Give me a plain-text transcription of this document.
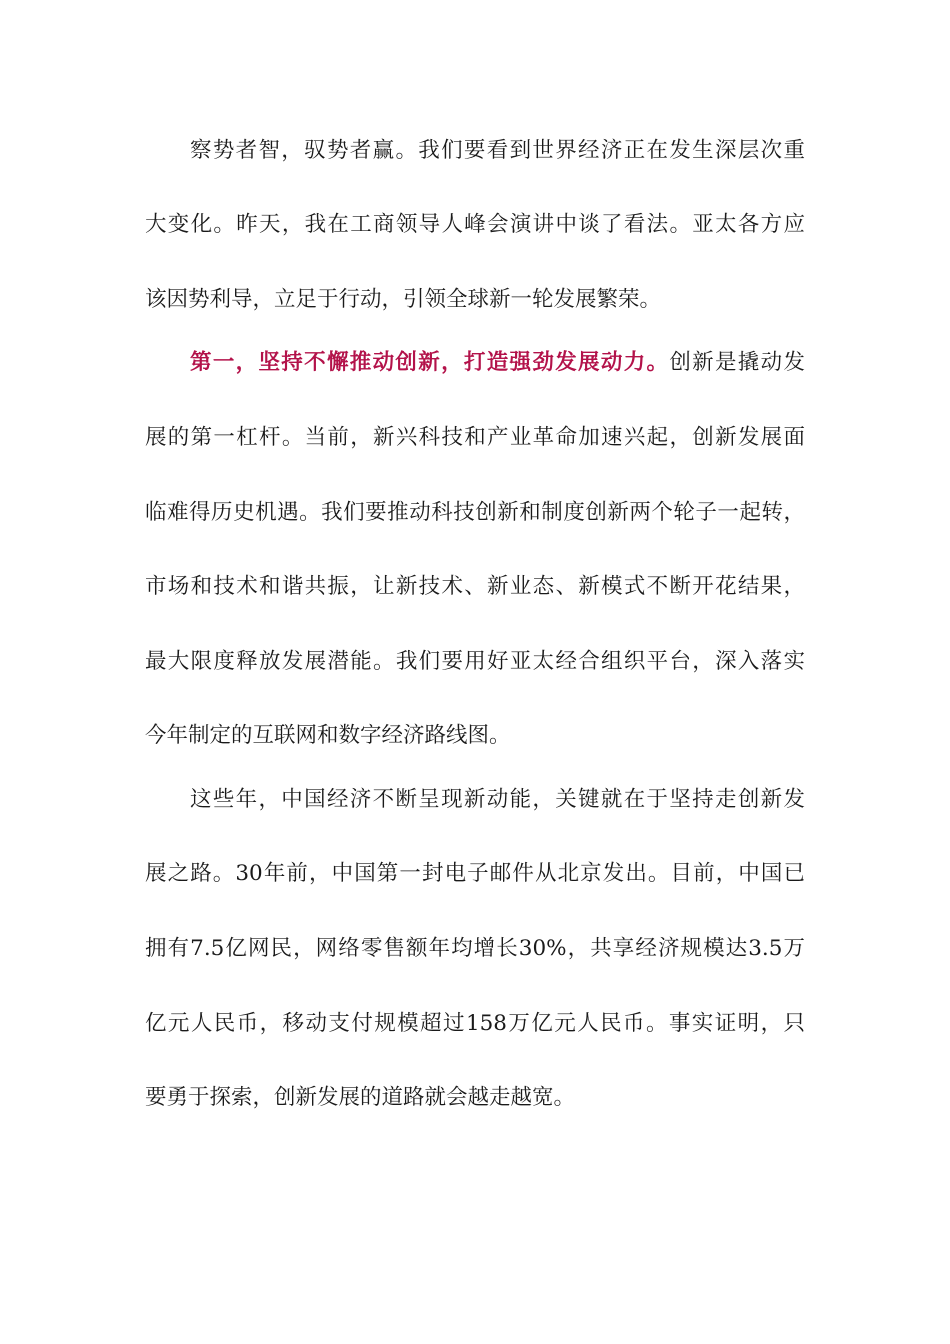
察势者智，驭势者赢。我们要看到世界经济正在发生深层次重
大变化。昨天，我在工商领导人峰会演讲中谈了看法。亚太各方应
该因势利导，立足于行动，引领全球新一轮发展繁荣。
第一，坚持不懈推动创新，打造强劲发展动力。创新是撬动发
展的第一杠杆。当前，新兴科技和产业革命加速兴起，创新发展面
临难得历史机遇。我们要推动科技创新和制度创新两个轮子一起转，
市场和技术和谐共振，让新技术、新业态、新模式不断开花结果，
最大限度释放发展潜能。我们要用好亚太经合组织平台，深入落实
今年制定的互联网和数字经济路线图。
这些年，中国经济不断呈现新动能，关键就在于坚持走创新发
展之路。30年前，中国第一封电子邮件从北京发出。目前，中国已
拥有7.5亿网民，网络零售额年均增长30%，共享经济规模达3.5万
亿元人民币，移动支付规模超过158万亿元人民币。事实证明，只
要勇于探索，创新发展的道路就会越走越宽。
